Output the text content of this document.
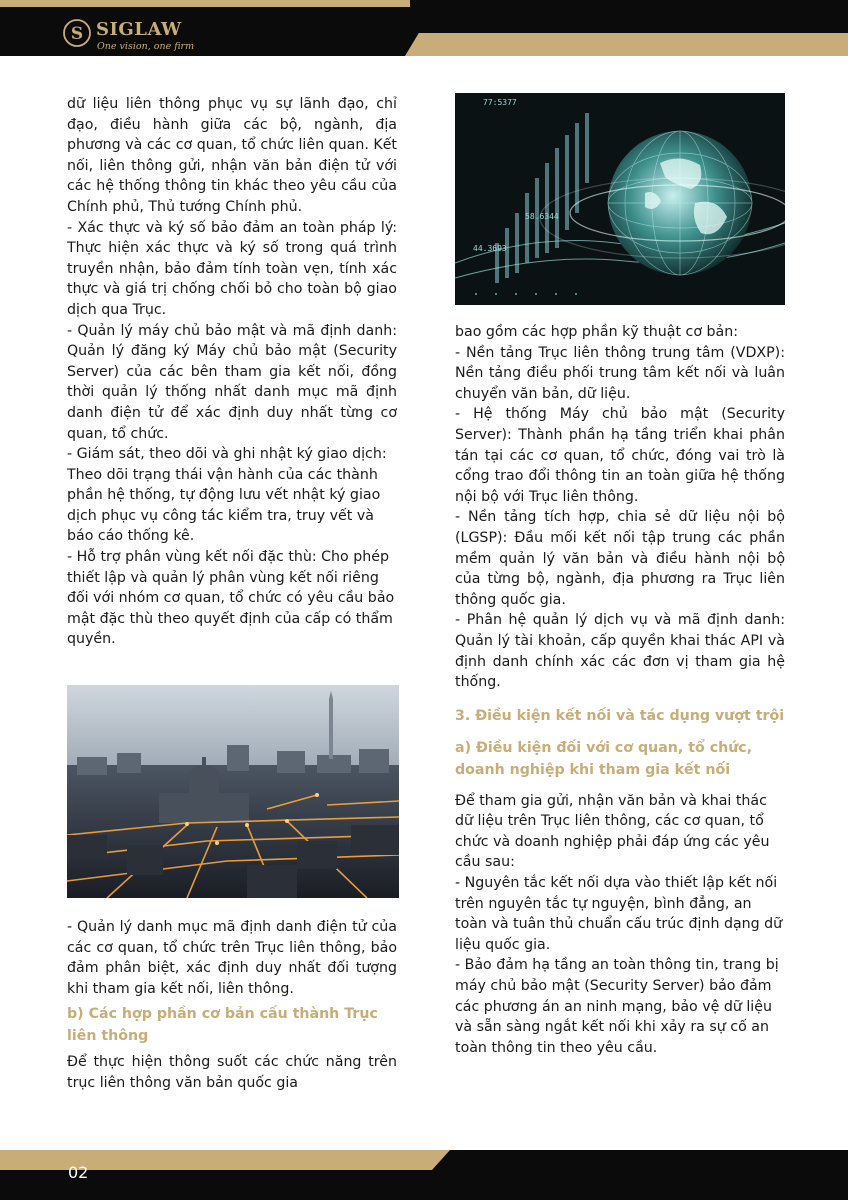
S SIGLAW
One vision, one firm

dữ liệu liên thông phục vụ sự lãnh đạo, chỉ đạo, điều hành giữa các bộ, ngành, địa phương và các cơ quan, tổ chức liên quan. Kết nối, liên thông gửi, nhận văn bản điện tử với các hệ thống thông tin khác theo yêu cầu của Chính phủ, Thủ tướng Chính phủ.

- Xác thực và ký số bảo đảm an toàn pháp lý: Thực hiện xác thực và ký số trong quá trình truyền nhận, bảo đảm tính toàn vẹn, tính xác thực và giá trị chống chối bỏ cho toàn bộ giao dịch qua Trục.

- Quản lý máy chủ bảo mật và mã định danh: Quản lý đăng ký Máy chủ bảo mật (Security Server) của các bên tham gia kết nối, đồng thời quản lý thống nhất danh mục mã định danh điện tử để xác định duy nhất từng cơ quan, tổ chức.

- Giám sát, theo dõi và ghi nhật ký giao dịch: Theo dõi trạng thái vận hành của các thành phần hệ thống, tự động lưu vết nhật ký giao dịch phục vụ công tác kiểm tra, truy vết và báo cáo thống kê.

- Hỗ trợ phân vùng kết nối đặc thù: Cho phép thiết lập và quản lý phân vùng kết nối riêng đối với nhóm cơ quan, tổ chức có yêu cầu bảo mật đặc thù theo quyết định của cấp có thẩm quyền.

- Quản lý danh mục mã định danh điện tử của các cơ quan, tổ chức trên Trục liên thông, bảo đảm phân biệt, xác định duy nhất đối tượng khi tham gia kết nối, liên thông.

b) Các hợp phần cơ bản cấu thành Trục liên thông

Để thực hiện thông suốt các chức năng trên trục liên thông văn bản quốc gia

77:5377
58.6344
44.3693

bao gồm các hợp phần kỹ thuật cơ bản:

- Nền tảng Trục liên thông trung tâm (VDXP): Nền tảng điều phối trung tâm kết nối và luân chuyển văn bản, dữ liệu.

- Hệ thống Máy chủ bảo mật (Security Server): Thành phần hạ tầng triển khai phân tán tại các cơ quan, tổ chức, đóng vai trò là cổng trao đổi thông tin an toàn giữa hệ thống nội bộ với Trục liên thông.

- Nền tảng tích hợp, chia sẻ dữ liệu nội bộ (LGSP): Đầu mối kết nối tập trung các phần mềm quản lý văn bản và điều hành nội bộ của từng bộ, ngành, địa phương ra Trục liên thông quốc gia.

- Phân hệ quản lý dịch vụ và mã định danh: Quản lý tài khoản, cấp quyền khai thác API và định danh chính xác các đơn vị tham gia hệ thống.

3. Điều kiện kết nối và tác dụng vượt trội

a) Điều kiện đối với cơ quan, tổ chức, doanh nghiệp khi tham gia kết nối

Để tham gia gửi, nhận văn bản và khai thác dữ liệu trên Trục liên thông, các cơ quan, tổ chức và doanh nghiệp phải đáp ứng các yêu cầu sau:

- Nguyên tắc kết nối dựa vào thiết lập kết nối trên nguyên tắc tự nguyện, bình đẳng, an toàn và tuân thủ chuẩn cấu trúc định dạng dữ liệu quốc gia.

- Bảo đảm hạ tầng an toàn thông tin, trang bị máy chủ bảo mật (Security Server) bảo đảm các phương án an ninh mạng, bảo vệ dữ liệu và sẵn sàng ngắt kết nối khi xảy ra sự cố an toàn thông tin theo yêu cầu.

02
